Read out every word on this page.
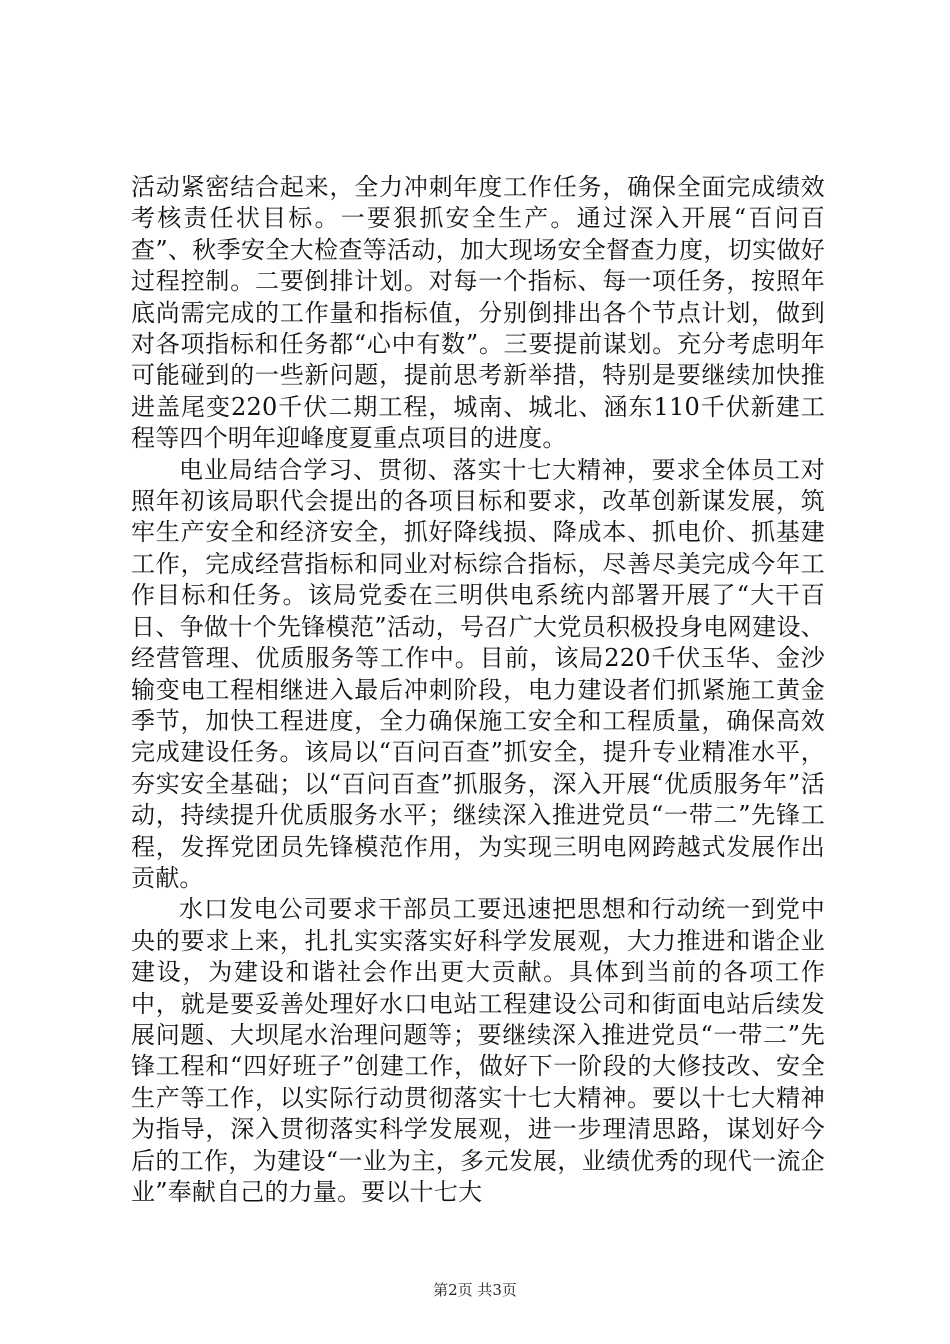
活动紧密结合起来，全力冲刺年度工作任务，确保全面完成绩效考核责任状目标。一要狠抓安全生产。通过深入开展“百问百查”、秋季安全大检查等活动，加大现场安全督查力度，切实做好过程控制。二要倒排计划。对每一个指标、每一项任务，按照年底尚需完成的工作量和指标值，分别倒排出各个节点计划，做到对各项指标和任务都“心中有数”。三要提前谋划。充分考虑明年可能碰到的一些新问题，提前思考新举措，特别是要继续加快推进盖尾变220千伏二期工程，城南、城北、涵东110千伏新建工程等四个明年迎峰度夏重点项目的进度。

电业局结合学习、贯彻、落实十七大精神，要求全体员工对照年初该局职代会提出的各项目标和要求，改革创新谋发展，筑牢生产安全和经济安全，抓好降线损、降成本、抓电价、抓基建工作，完成经营指标和同业对标综合指标，尽善尽美完成今年工作目标和任务。该局党委在三明供电系统内部署开展了“大干百日、争做十个先锋模范”活动，号召广大党员积极投身电网建设、经营管理、优质服务等工作中。目前，该局220千伏玉华、金沙输变电工程相继进入最后冲刺阶段，电力建设者们抓紧施工黄金季节，加快工程进度，全力确保施工安全和工程质量，确保高效完成建设任务。该局以“百问百查”抓安全，提升专业精准水平，夯实安全基础；以“百问百查”抓服务，深入开展“优质服务年”活动，持续提升优质服务水平；继续深入推进党员“一带二”先锋工程，发挥党团员先锋模范作用，为实现三明电网跨越式发展作出贡献。

水口发电公司要求干部员工要迅速把思想和行动统一到党中央的要求上来，扎扎实实落实好科学发展观，大力推进和谐企业建设，为建设和谐社会作出更大贡献。具体到当前的各项工作中，就是要妥善处理好水口电站工程建设公司和街面电站后续发展问题、大坝尾水治理问题等；要继续深入推进党员“一带二”先锋工程和“四好班子”创建工作，做好下一阶段的大修技改、安全生产等工作，以实际行动贯彻落实十七大精神。要以十七大精神为指导，深入贯彻落实科学发展观，进一步理清思路，谋划好今后的工作，为建设“一业为主，多元发展，业绩优秀的现代一流企业”奉献自己的力量。要以十七大

第2页 共3页
